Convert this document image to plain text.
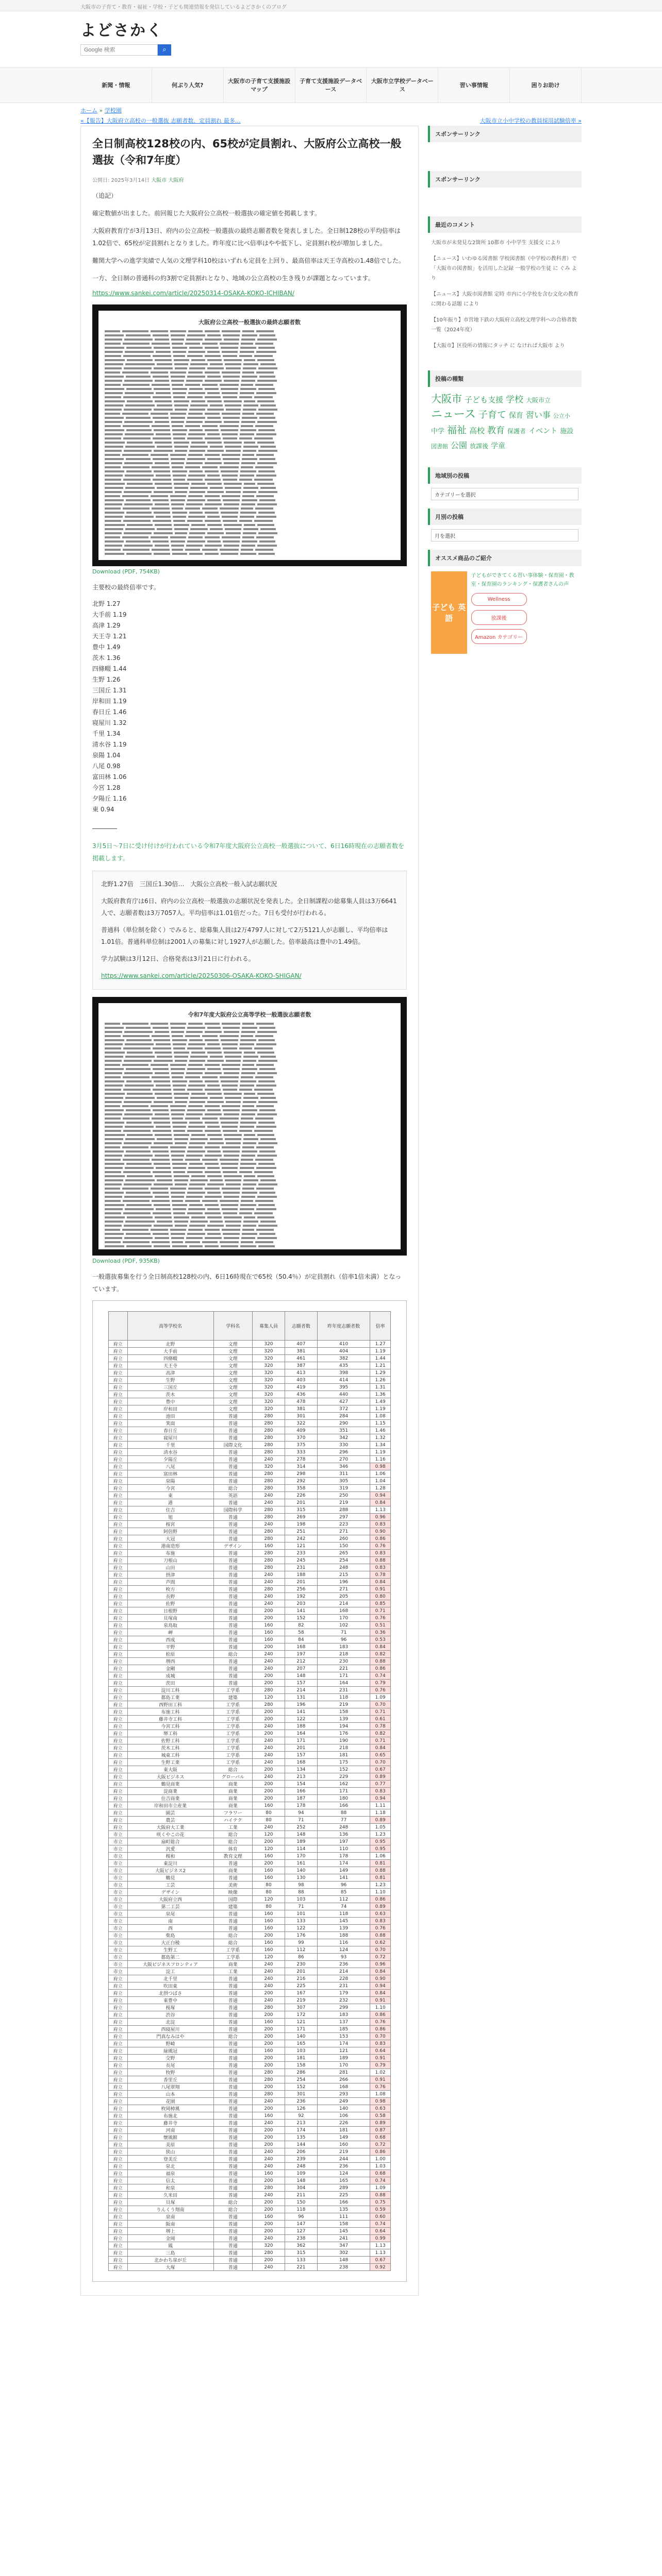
大阪市の子育て・教育・福祉・学校・子ども関連情報を発信しているよどさかくのブログ
よどさかく
Google 検索
⌕
新聞・情報	何ぶり人気?
大阪市の子育て支援施設マップ
子育て支援施設データベース
大阪市立学校データベース
習い事情報	困りお助け
ホーム » 学校園
«【報告】大阪府立高校の一般選抜 志願者数、定員割れ 最多…	大阪市立小中学校の教員採用試験倍率 »
全日制高校128校の内、65校が定員割れ、大阪府公立高校一般選抜（令和7年度）
公開日: 2025年3月14日 大阪市 大阪府

（追記）

確定数値が出ました。前回報じた大阪府公立高校一般選抜の確定値を掲載します。

大阪府教育庁が3月13日、府内の公立高校一般選抜の最終志願者数を発表しました。全日制128校の平均倍率は1.02倍で、65校が定員割れとなりました。昨年度に比べ倍率はやや低下し、定員割れ校が増加しました。

難関大学への進学実績で人気の文理学科10校はいずれも定員を上回り、最高倍率は天王寺高校の1.48倍でした。

一方、全日制の普通科の約3割で定員割れとなり、地域の公立高校の生き残りが課題となっています。

https://www.sankei.com/article/20250314-OSAKA-KOKO-ICHIBAN/
大阪府公立高校一般選抜の最終志願者数
Download (PDF, 754KB)

主要校の最終倍率です。

北野 1.27
大手前 1.19
高津 1.29
天王寺 1.21
豊中 1.49
茨木 1.36
四條畷 1.44
生野 1.26
三国丘 1.31
岸和田 1.19
春日丘 1.46
寝屋川 1.32
千里 1.34
清水谷 1.19
泉陽 1.04
八尾 0.98
富田林 1.06
今宮 1.28
夕陽丘 1.16
東 0.94

――――

3月5日〜7日に受け付けが行われている令和7年度大阪府公立高校一般選抜について、6日16時現在の志願者数を掲載します。

北野1.27倍　三国丘1.30倍…　大阪公立高校一般入試志願状況

大阪府教育庁は6日、府内の公立高校一般選抜の志願状況を発表した。全日制課程の総募集人員は3万6641人で、志願者数は3万7057人。平均倍率は1.01倍だった。7日も受付が行われる。

普通科（単位制を除く）でみると、総募集人員は2万4797人に対して2万5121人が志願し、平均倍率は1.01倍。普通科単位制は2001人の募集に対し1927人が志願した。倍率最高は豊中の1.49倍。

学力試験は3月12日、合格発表は3月21日に行われる。

https://www.sankei.com/article/20250306-OSAKA-KOKO-SHIGAN/
令和7年度大阪府公立高等学校一般選抜志願者数
Download (PDF, 935KB)

一般選抜募集を行う全日制高校128校の内、6日16時現在で65校（50.4％）が定員割れ（倍率1倍未満）となっています。

	高等学校名	学科名	募集人員	志願者数	昨年度志願者数	倍率
府立	北野	文理	320	407	410	1.27
府立	大手前	文理	320	381	404	1.19
府立	四條畷	文理	320	461	382	1.44
府立	天王寺	文理	320	387	435	1.21
府立	高津	文理	320	413	398	1.29
府立	生野	文理	320	403	414	1.26
府立	三国丘	文理	320	419	395	1.31
府立	茨木	文理	320	436	440	1.36
府立	豊中	文理	320	478	427	1.49
府立	岸和田	文理	320	381	372	1.19
府立	池田	普通	280	301	284	1.08
府立	箕面	普通	280	322	290	1.15
府立	春日丘	普通	280	409	351	1.46
府立	寝屋川	普通	280	370	342	1.32
府立	千里	国際文化	280	375	330	1.34
府立	清水谷	普通	280	333	296	1.19
府立	夕陽丘	普通	240	278	270	1.16
府立	八尾	普通	320	314	346	0.98
府立	富田林	普通	280	298	311	1.06
府立	泉陽	普通	280	292	305	1.04
府立	今宮	総合	280	358	319	1.28
府立	東	英語	240	226	250	0.94
府立	港	普通	240	201	219	0.84
府立	住吉	国際科学	280	315	288	1.13
府立	旭	普通	280	269	297	0.96
府立	桜宮	普通	240	198	223	0.83
府立	阿倍野	普通	280	251	271	0.90
府立	大冠	普通	280	242	260	0.86
府立	港南造形	デザイン	160	121	150	0.76
府立	布施	普通	280	233	265	0.83
府立	刀根山	普通	280	245	254	0.88
府立	山田	普通	280	231	248	0.83
府立	摂津	普通	240	188	215	0.78
府立	芦間	普通	240	201	196	0.84
府立	枚方	普通	280	256	271	0.91
府立	長野	普通	240	192	205	0.80
府立	佐野	普通	240	203	214	0.85
府立	日根野	普通	200	141	168	0.71
府立	貝塚南	普通	200	152	170	0.76
府立	泉鳥取	普通	160	82	102	0.51
府立	岬	普通	160	58	71	0.36
府立	西成	普通	160	84	96	0.53
府立	平野	普通	200	168	183	0.84
府立	松原	総合	240	197	218	0.82
府立	堺西	普通	240	212	230	0.88
府立	金剛	普通	240	207	221	0.86
府立	成城	普通	200	148	171	0.74
府立	茨田	普通	200	157	164	0.79
府立	淀川工科	工学系	280	214	231	0.76
府立	都島工業	建築	120	131	118	1.09
府立	西野田工科	工学系	280	196	219	0.70
府立	布施工科	工学系	200	141	158	0.71
府立	藤井寺工科	工学系	200	122	139	0.61
府立	今宮工科	工学系	240	188	194	0.78
府立	堺工科	工学系	200	164	176	0.82
府立	佐野工科	工学系	240	171	190	0.71
府立	茨木工科	工学系	240	201	218	0.84
府立	城東工科	工学系	240	157	181	0.65
府立	生野工業	工学系	240	168	175	0.70
府立	東大阪	総合	200	134	152	0.67
府立	大阪ビジネス	グローバル	240	213	229	0.89
府立	鶴見商業	商業	200	154	162	0.77
府立	淀商業	商業	200	166	171	0.83
府立	住吉商業	商業	200	187	180	0.94
府立	岸和田市立産業	商業	160	178	166	1.11
府立	園芸	フラワー	80	94	88	1.18
府立	農芸	ハイテク	80	71	77	0.89
府立	大阪府大工業	工業	240	252	248	1.05
市立	咲くやこの花	総合	120	148	136	1.23
市立	扇町総合	総合	200	189	197	0.95
市立	汎愛	体育	120	114	110	0.95
市立	桜和	教育文理	160	170	178	1.06
市立	東淀川	普通	200	161	174	0.81
市立	大阪ビジネス2	商業	160	140	149	0.88
市立	鶴見	普通	160	130	141	0.81
市立	工芸	美術	80	98	96	1.23
市立	デザイン	映像	80	88	85	1.10
市立	大阪府立西	国際	120	103	112	0.86
市立	第二工芸	建築	80	71	74	0.89
市立	泉尾	普通	160	101	118	0.63
市立	南	普通	160	133	145	0.83
市立	西	普通	160	122	139	0.76
市立	柴島	総合	200	176	188	0.88
市立	大正白稜	総合	160	99	116	0.62
市立	生野工	工学系	160	112	124	0.70
市立	都島第二	工学系	120	86	93	0.72
市立	大阪ビジネスフロンティア	商業	240	230	236	0.96
市立	淀工	工業	240	201	214	0.84
府立	北千里	普通	240	216	228	0.90
府立	吹田東	普通	240	225	231	0.94
府立	北摂つばさ	普通	200	167	179	0.84
府立	東豊中	普通	240	219	232	0.91
府立	桜塚	普通	280	307	299	1.10
府立	渋谷	普通	200	172	183	0.86
府立	北淀	普通	160	121	137	0.76
府立	西寝屋川	普通	200	171	185	0.86
府立	門真なみはや	総合	200	140	153	0.70
府立	野崎	普通	200	165	174	0.83
府立	緑風冠	普通	160	103	121	0.64
府立	交野	普通	200	181	189	0.91
府立	長尾	普通	200	158	170	0.79
府立	牧野	普通	280	286	281	1.02
府立	香里丘	普通	280	254	266	0.91
府立	八尾翠翔	普通	200	152	168	0.76
府立	山本	普通	280	301	293	1.08
府立	花園	普通	240	236	249	0.98
府立	枚岡樟風	普通	200	126	140	0.63
府立	布施北	普通	160	92	106	0.58
府立	藤井寺	普通	240	213	226	0.89
府立	河南	普通	200	174	181	0.87
府立	懐風館	普通	200	135	149	0.68
府立	美原	普通	200	144	160	0.72
府立	狭山	普通	240	206	219	0.86
府立	登美丘	普通	240	239	244	1.00
府立	泉北	普通	240	248	236	1.03
府立	福泉	普通	160	109	124	0.68
府立	信太	普通	200	148	165	0.74
府立	和泉	普通	280	304	289	1.09
府立	久米田	普通	240	211	225	0.88
府立	貝塚	総合	200	150	166	0.75
府立	りんくう翔南	総合	200	118	135	0.59
府立	泉南	普通	160	96	111	0.60
府立	阪南	普通	200	147	158	0.74
府立	堺上	普通	200	127	145	0.64
府立	金岡	普通	240	238	241	0.99
府立	鳳	普通	320	362	347	1.13
府立	三島	普通	280	315	302	1.13
府立	北かわち皐が丘	普通	200	133	148	0.67
府立	大塚	普通	240	221	238	0.92
スポンサーリンク
スポンサーリンク
最近のコメント
大阪市が未発見な2箇所 10都市 小中学生 支援交 により
【ニュース】いわゆる図書館 学校図書館（中学校の教科書）で「大阪市の図書館」を活用した記録 一般学校の生徒 に ぐみ より
【ニュース】大阪市図書館 定時 市内に小学校を含む文化の教育 に関わる話題 により
【10年振り】市営地下鉄の大阪府立高校文理学科への合格者数一覧（2024年度）
【大阪市】区役所の情報にタッチ に なければ大阪市 より
投稿の種類
大阪市 子ども支援 学校 大阪市立ニュース 子育て 保育 習い事 公立小中学 福祉 高校 教育 保護者 イベント 施設図書館 公園 放課後 学童
地域別の投稿
カテゴリーを選択
月別の投稿
月を選択
オススメ商品のご紹介
子ども 英語
子どもができてくる習い事体験・保育園・教室・保育園のランキング・保護者さんの声
Wellness
放課後
Amazon カテゴリー
